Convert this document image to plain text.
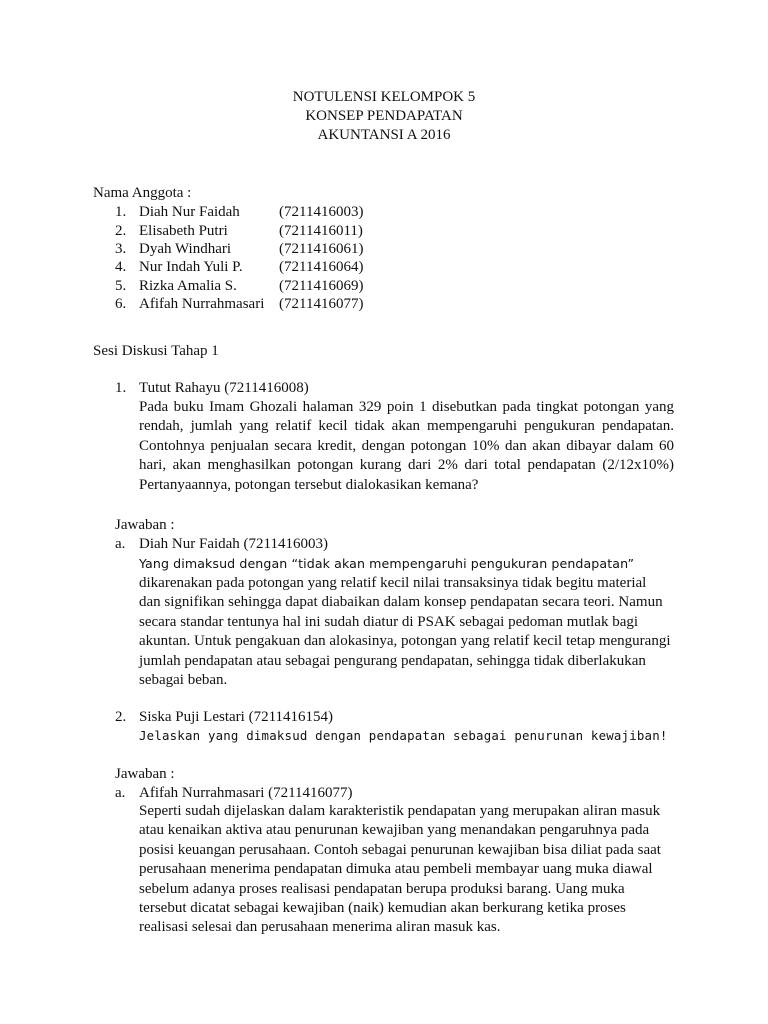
NOTULENSI KELOMPOK 5
KONSEP PENDAPATAN
AKUNTANSI A 2016
Nama Anggota :
1. Diah Nur Faidah	(7211416003)
2. Elisabeth Putri	(7211416011)
3. Dyah Windhari	(7211416061)
4. Nur Indah Yuli P. (7211416064)
5. Rizka Amalia S.	(7211416069)
6. Afifah Nurrahmasari (7211416077)
Sesi Diskusi Tahap 1
1. Tutut Rahayu (7211416008)
Pada buku Imam Ghozali halaman 329 poin 1 disebutkan pada tingkat potongan yang rendah, jumlah yang relatif kecil tidak akan mempengaruhi pengukuran pendapatan. Contohnya penjualan secara kredit, dengan potongan 10% dan akan dibayar dalam 60 hari, akan menghasilkan potongan kurang dari 2% dari total pendapatan (2/12x10%) Pertanyaannya, potongan tersebut dialokasikan kemana?
Jawaban :
a. Diah Nur Faidah (7211416003)
Yang dimaksud dengan “tidak akan mempengaruhi pengukuran pendapatan”
dikarenakan pada potongan yang relatif kecil nilai transaksinya tidak begitu material dan signifikan sehingga dapat diabaikan dalam konsep pendapatan secara teori. Namun secara standar tentunya hal ini sudah diatur di PSAK sebagai pedoman mutlak bagi akuntan. Untuk pengakuan dan alokasinya, potongan yang relatif kecil tetap mengurangi jumlah pendapatan atau sebagai pengurang pendapatan, sehingga tidak diberlakukan sebagai beban.
2. Siska Puji Lestari (7211416154)
Jelaskan yang dimaksud dengan pendapatan sebagai penurunan kewajiban!
Jawaban :
a. Afifah Nurrahmasari (7211416077)
Seperti sudah dijelaskan dalam karakteristik pendapatan yang merupakan aliran masuk atau kenaikan aktiva atau penurunan kewajiban yang menandakan pengaruhnya pada posisi keuangan perusahaan. Contoh sebagai penurunan kewajiban bisa diliat pada saat perusahaan menerima pendapatan dimuka atau pembeli membayar uang muka diawal sebelum adanya proses realisasi pendapatan berupa produksi barang. Uang muka tersebut dicatat sebagai kewajiban (naik) kemudian akan berkurang ketika proses realisasi selesai dan perusahaan menerima aliran masuk kas.
